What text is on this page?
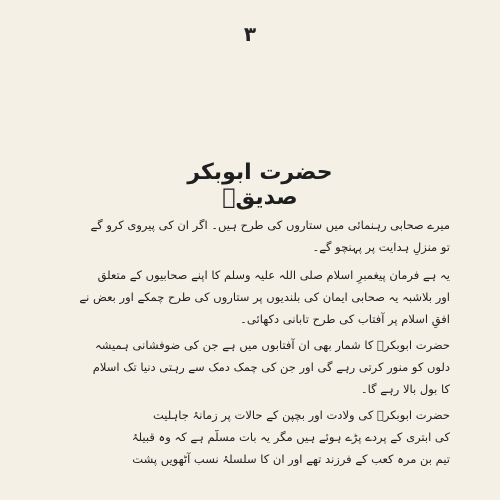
٣
حضرت ابوبکر صدیقؓ
میرے صحابی رہنمائی میں ستاروں کی طرح ہیں۔ اگر ان کی پیروی کرو گے
تو منزلِ ہدایت پر پہنچو گے۔
یہ ہے فرمان پیغمبرِ اسلام صلی اللہ علیہ وسلم کا اپنے صحابیوں کے متعلق
اور بلاشبہ یہ صحابی ایمان کی بلندیوں پر ستاروں کی طرح چمکے اور بعض نے
افقِ اسلام پر آفتاب کی طرح تابانی دکھائی۔
حضرت ابوبکرؓ کا شمار بھی ان آفتابوں میں ہے جن کی ضوفشانی ہمیشہ
دلوں کو منور کرتی رہے گی اور جن کی چمک دمک سے رہتی دنیا تک اسلام
کا بول بالا رہے گا۔
حضرت ابوبکرؓ کی ولادت اور بچپن کے حالات پر زمانۂ جاہلیت
کی ابتری کے پردے پڑے ہوئے ہیں مگر یہ بات مسلّم ہے کہ وہ قبیلۂ
تیم بن مرہ کعب کے فرزند تھے اور ان کا سلسلۂ نسب آٹھویں پشت
